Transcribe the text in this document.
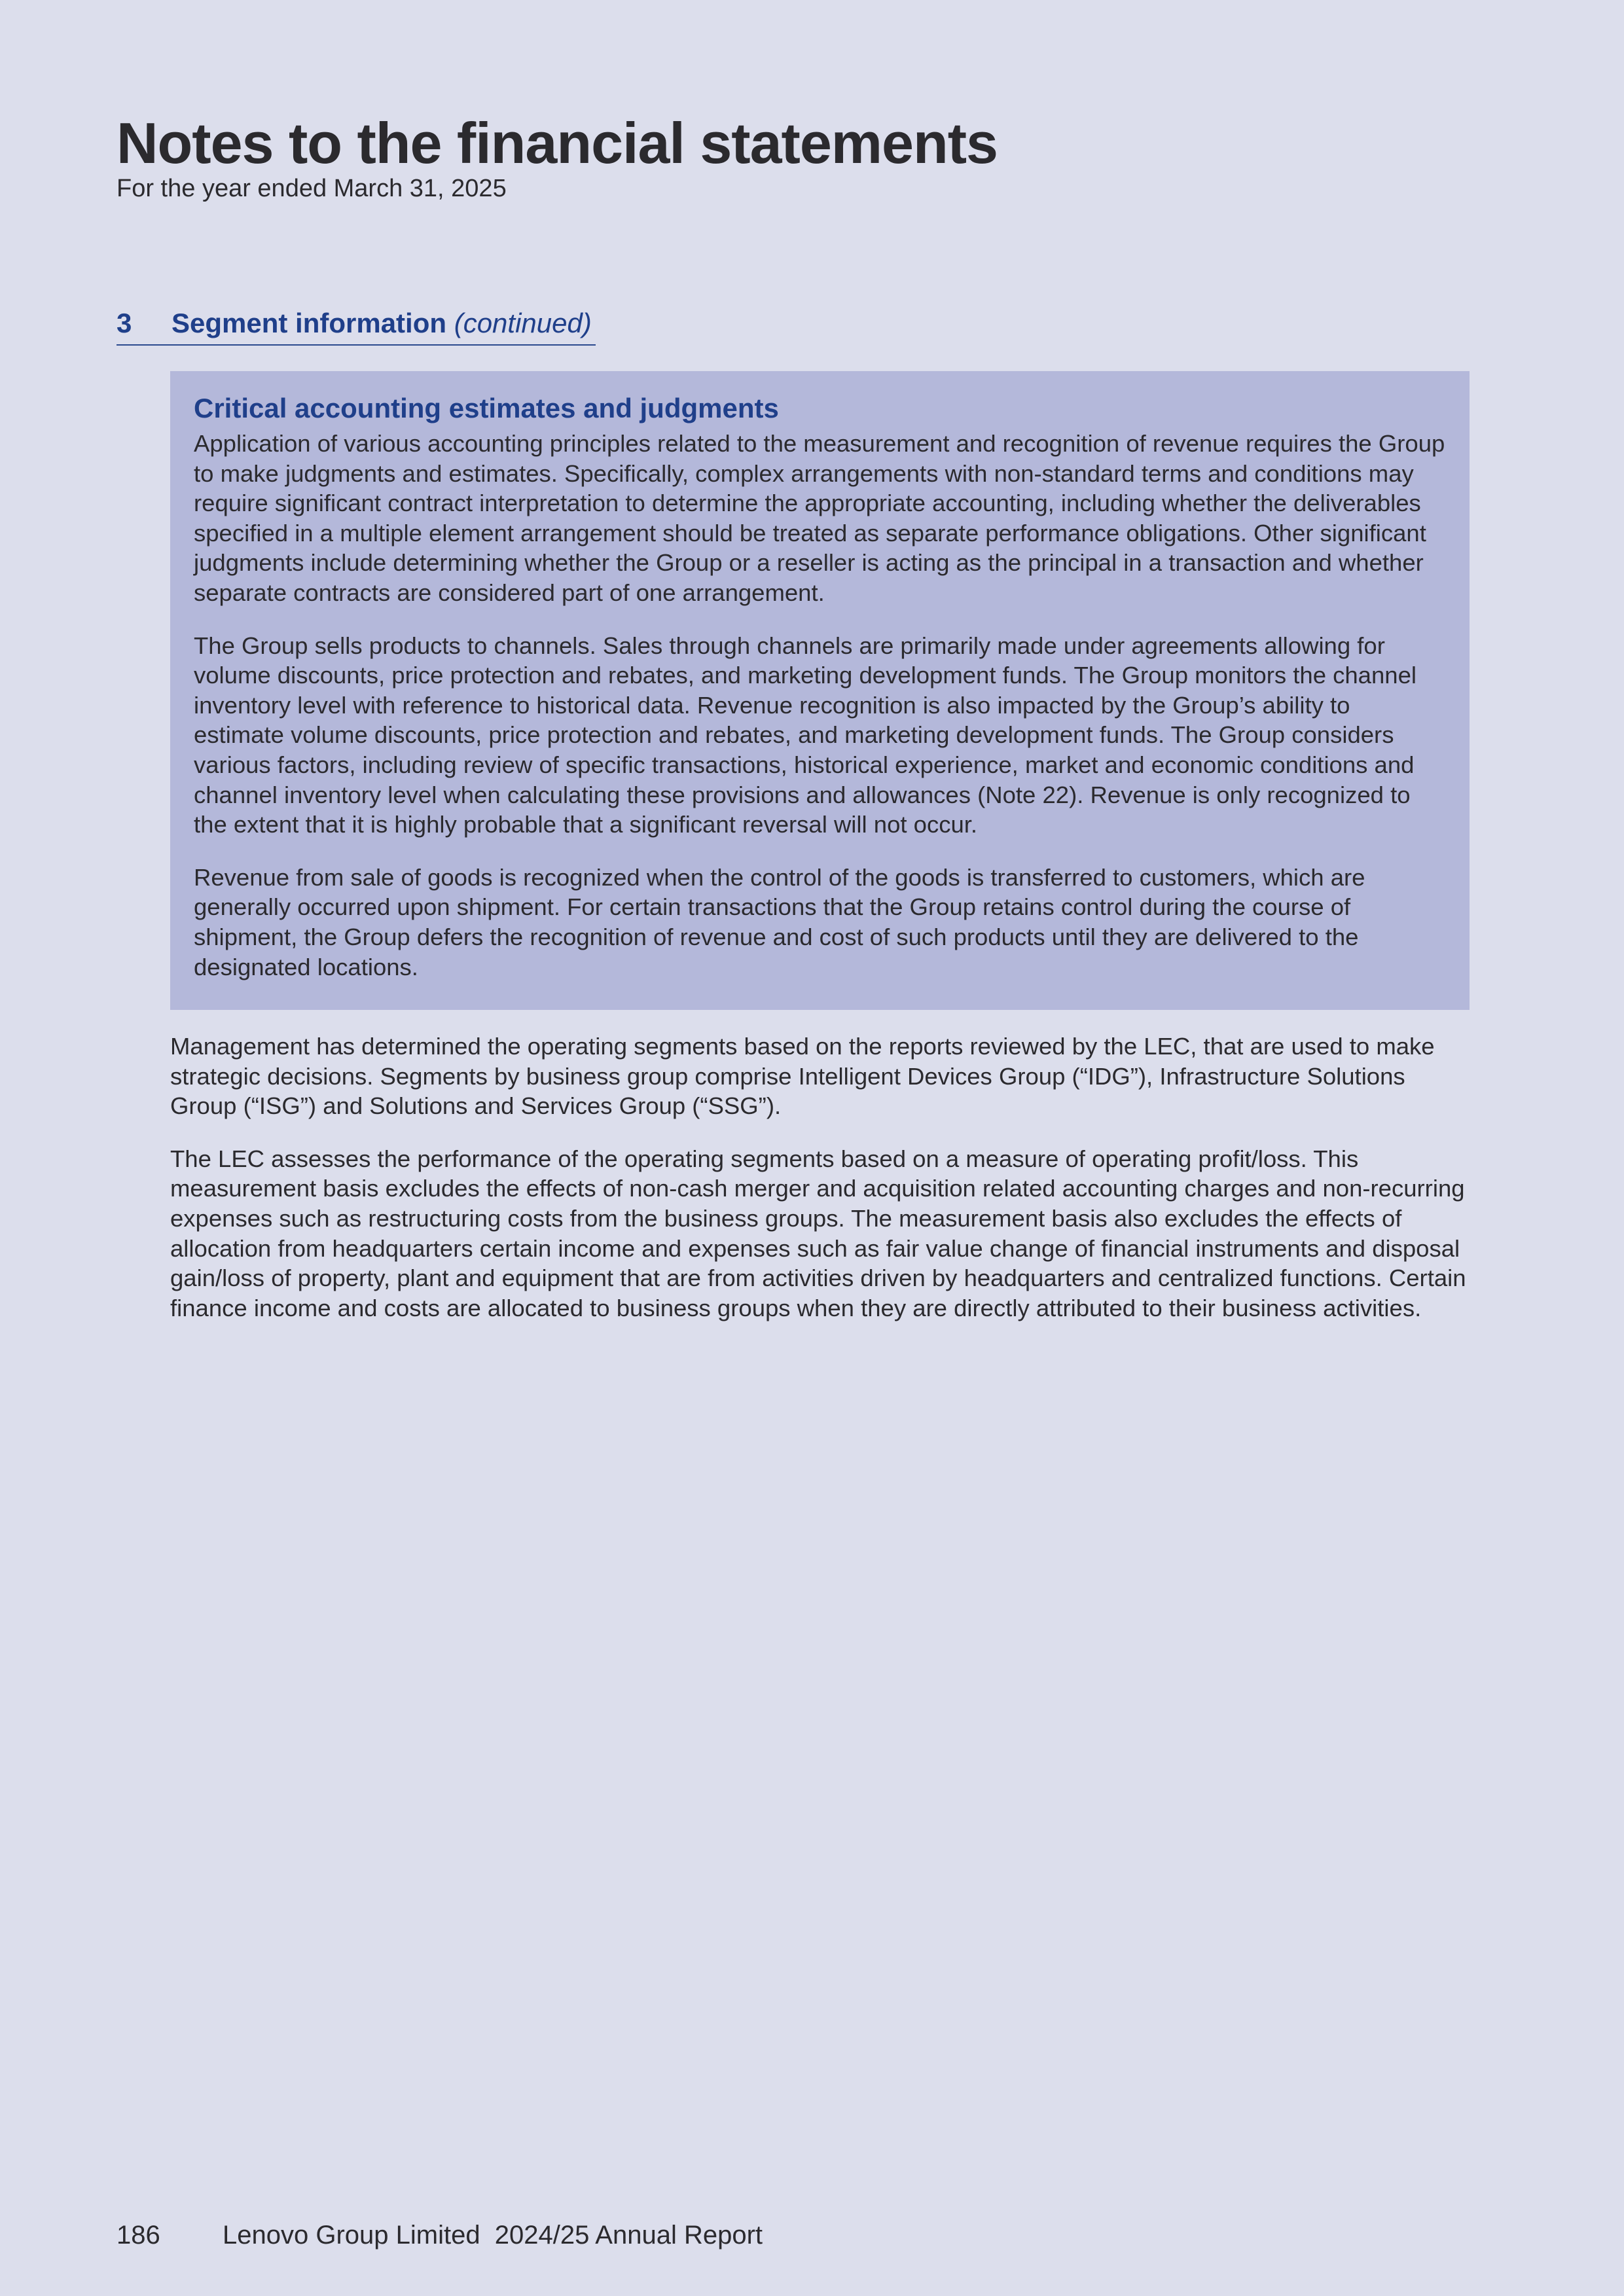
Notes to the financial statements
For the year ended March 31, 2025
3 Segment information (continued)
Critical accounting estimates and judgments

Application of various accounting principles related to the measurement and recognition of revenue requires the Group to make judgments and estimates. Specifically, complex arrangements with non-standard terms and conditions may require significant contract interpretation to determine the appropriate accounting, including whether the deliverables specified in a multiple element arrangement should be treated as separate performance obligations. Other significant judgments include determining whether the Group or a reseller is acting as the principal in a transaction and whether separate contracts are considered part of one arrangement.

The Group sells products to channels. Sales through channels are primarily made under agreements allowing for volume discounts, price protection and rebates, and marketing development funds. The Group monitors the channel inventory level with reference to historical data. Revenue recognition is also impacted by the Group’s ability to estimate volume discounts, price protection and rebates, and marketing development funds. The Group considers various factors, including review of specific transactions, historical experience, market and economic conditions and channel inventory level when calculating these provisions and allowances (Note 22). Revenue is only recognized to the extent that it is highly probable that a significant reversal will not occur.

Revenue from sale of goods is recognized when the control of the goods is transferred to customers, which are generally occurred upon shipment. For certain transactions that the Group retains control during the course of shipment, the Group defers the recognition of revenue and cost of such products until they are delivered to the designated locations.

Management has determined the operating segments based on the reports reviewed by the LEC, that are used to make strategic decisions. Segments by business group comprise Intelligent Devices Group (“IDG”), Infrastructure Solutions Group (“ISG”) and Solutions and Services Group (“SSG”).

The LEC assesses the performance of the operating segments based on a measure of operating profit/loss. This measurement basis excludes the effects of non-cash merger and acquisition related accounting charges and non-recurring expenses such as restructuring costs from the business groups. The measurement basis also excludes the effects of allocation from headquarters certain income and expenses such as fair value change of financial instruments and disposal gain/loss of property, plant and equipment that are from activities driven by headquarters and centralized functions. Certain finance income and costs are allocated to business groups when they are directly attributed to their business activities.

186 Lenovo Group Limited  2024/25 Annual Report
